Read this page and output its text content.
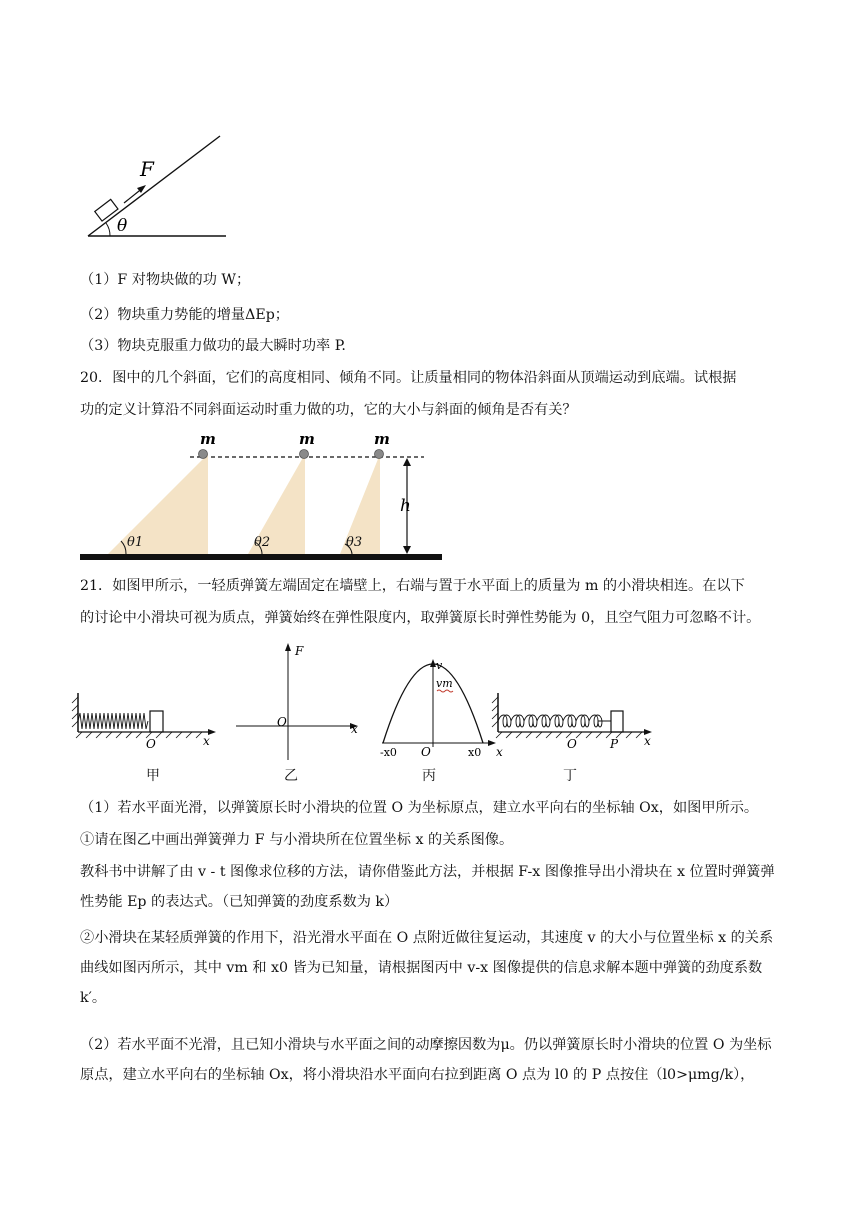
F
θ
（1）F 对物块做的功 W；
（2）物块重力势能的增量ΔEp；
（3）物块克服重力做功的最大瞬时功率 P.
20．图中的几个斜面，它们的高度相同、倾角不同。让质量相同的物体沿斜面从顶端运动到底端。试根据
功的定义计算沿不同斜面运动时重力做的功，它的大小与斜面的倾角是否有关？
m	m	m
h
θ1	θ2	θ3
21．如图甲所示，一轻质弹簧左端固定在墙壁上，右端与置于水平面上的质量为 m 的小滑块相连。在以下
的讨论中小滑块可视为质点，弹簧始终在弹性限度内，取弹簧原长时弹性势能为 0，且空气阻力可忽略不计。
O	x
F
O	x
v
vm
-x0 O	x0 x
O	P x
甲	乙	丙	丁
（1）若水平面光滑，以弹簧原长时小滑块的位置 O 为坐标原点，建立水平向右的坐标轴 Ox，如图甲所示。
①请在图乙中画出弹簧弹力 F 与小滑块所在位置坐标 x 的关系图像。
教科书中讲解了由 v - t 图像求位移的方法，请你借鉴此方法，并根据 F-x 图像推导出小滑块在 x 位置时弹簧弹性势能 Ep 的表达式。（已知弹簧的劲度系数为 k）
②小滑块在某轻质弹簧的作用下，沿光滑水平面在 O 点附近做往复运动，其速度 v 的大小与位置坐标 x 的关系曲线如图丙所示，其中 vm 和 x0 皆为已知量，请根据图丙中 v-x 图像提供的信息求解本题中弹簧的劲度系数 k′。
（2）若水平面不光滑，且已知小滑块与水平面之间的动摩擦因数为μ。仍以弹簧原长时小滑块的位置 O 为坐标原点，建立水平向右的坐标轴 Ox，将小滑块沿水平面向右拉到距离 O 点为 l0 的 P 点按住（l0>μmg/k），
